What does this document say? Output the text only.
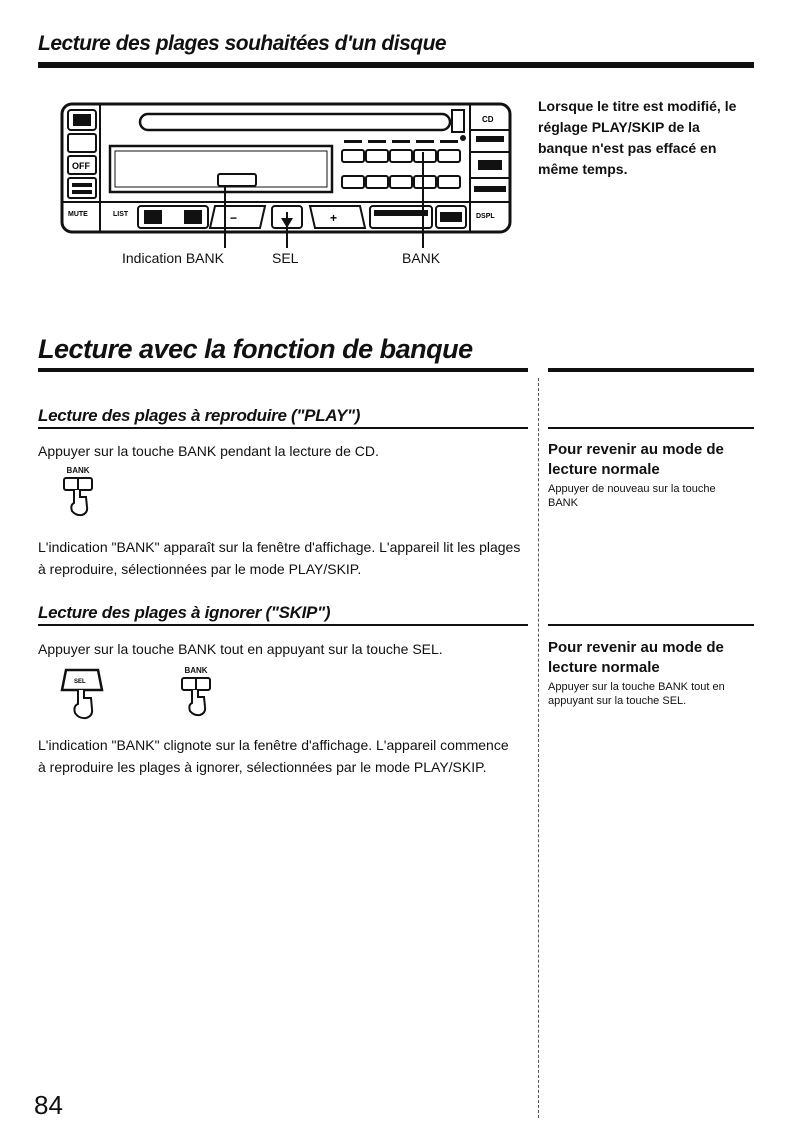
Lecture des plages souhaitées d'un disque
OFF
MUTE	LIST
CD
DSPL
−	+
Indication BANK	SEL	BANK
Lorsque le titre est modifié, le réglage PLAY/SKIP de la banque n'est pas effacé en même temps.
Lecture avec la fonction de banque
Lecture des plages à reproduire ("PLAY")
Appuyer sur la touche BANK pendant la lecture de CD.
BANK
L'indication "BANK" apparaît sur la fenêtre d'affichage. L'appareil lit les plages à reproduire, sélectionnées par le mode PLAY/SKIP.
Pour revenir au mode de lecture normale
Appuyer de nouveau sur la touche BANK
Lecture des plages à ignorer ("SKIP")
Appuyer sur la touche BANK tout en appuyant sur la touche SEL.
SEL
BANK
L'indication "BANK" clignote sur la fenêtre d'affichage. L'appareil commence à reproduire les plages à ignorer, sélectionnées par le mode PLAY/SKIP.
Pour revenir au mode de lecture normale
Appuyer sur la touche BANK tout en appuyant sur la touche SEL.
84
